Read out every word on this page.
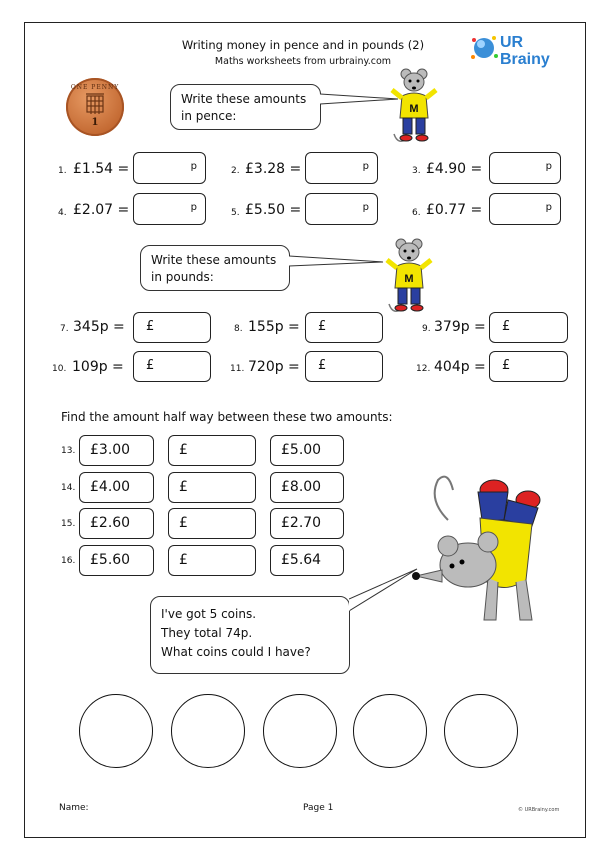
Writing money in pence and in pounds (2)
Maths worksheets from urbrainy.com
UR
Brainy
ONE PENNY
1
Write these amounts
in pence:	M
1. £1.54 =	p	2. £3.28 =	p	3. £4.90 =	p
4. £2.07 =	p	5. £5.50 =	p	6. £0.77 =	p
Write these amounts
in pounds:	M
7. 345p = £	8. 155p = £	9. 379p = £
10. 109p = £	11. 720p = £	12. 404p = £
Find the amount half way between these two amounts:
13.	£3.00	£	£5.00
14.	£4.00	£	£8.00
15.	£2.60	£	£2.70
16.	£5.60	£	£5.64
I've got 5 coins.
They total 74p.
What coins could I have?
Name:	Page 1	© URBrainy.com
